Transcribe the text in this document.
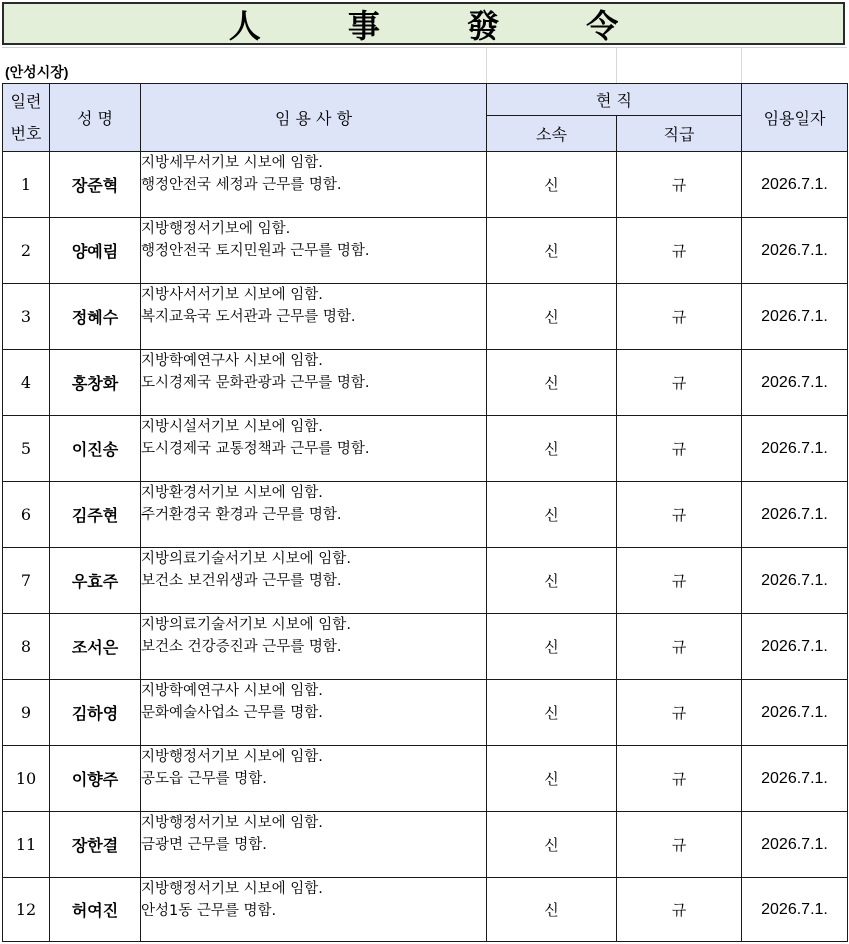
人 事 發 令
(안성시장)
일련
번호	성 명	임 용 사 항	현 직		임용일자
			소속	직급	
1	장준혁	지방세무서기보 시보에 임함.
행정안전국 세정과 근무를 명함.	신	규	2026.7.1.
2	양예림	지방행정서기보에 임함.
행정안전국 토지민원과 근무를 명함.	신	규	2026.7.1.
3	정혜수	지방사서서기보 시보에 임함.
복지교육국 도서관과 근무를 명함.	신	규	2026.7.1.
4	홍창화	지방학예연구사 시보에 임함.
도시경제국 문화관광과 근무를 명함.	신	규	2026.7.1.
5	이진송	지방시설서기보 시보에 임함.
도시경제국 교통정책과 근무를 명함.	신	규	2026.7.1.
6	김주현	지방환경서기보 시보에 임함.
주거환경국 환경과 근무를 명함.	신	규	2026.7.1.
7	우효주	지방의료기술서기보 시보에 임함.
보건소 보건위생과 근무를 명함.	신	규	2026.7.1.
8	조서은	지방의료기술서기보 시보에 임함.
보건소 건강증진과 근무를 명함.	신	규	2026.7.1.
9	김하영	지방학예연구사 시보에 임함.
문화예술사업소 근무를 명함.	신	규	2026.7.1.
10	이향주	지방행정서기보 시보에 임함.
공도읍 근무를 명함.	신	규	2026.7.1.
11	장한결	지방행정서기보 시보에 임함.
금광면 근무를 명함.	신	규	2026.7.1.
12	허여진	지방행정서기보 시보에 임함.
안성1동 근무를 명함.	신	규	2026.7.1.
